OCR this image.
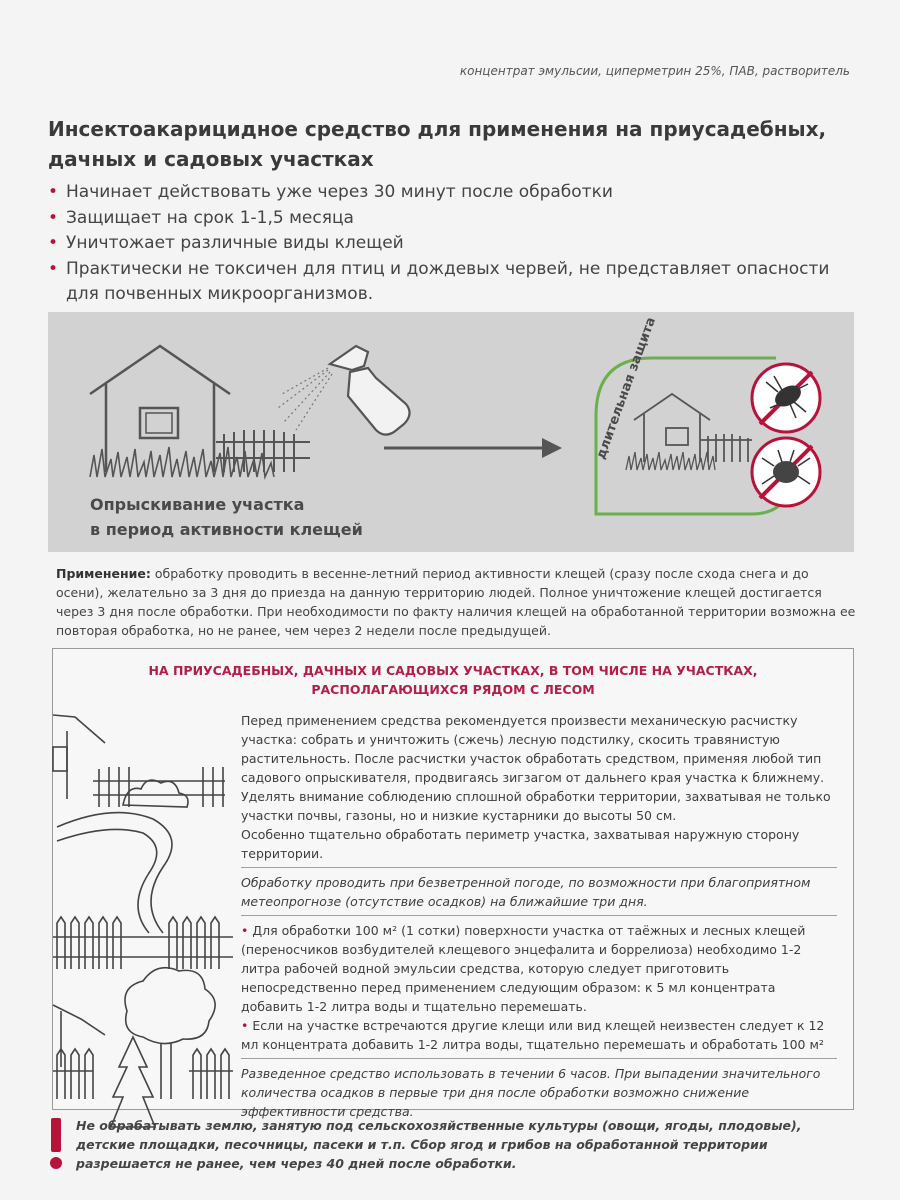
концентрат эмульсии, циперметрин 25%, ПАВ, растворитель
Инсектоакарицидное средство для применения на приусадебных, дачных и садовых участках
• Начинает действовать уже через 30 минут после обработки
• Защищает на срок 1-1,5 месяца
• Уничтожает различные виды клещей
• Практически не токсичен для птиц и дождевых червей, не представляет опасности для почвенных микроорганизмов.
длительная защита
Опрыскивание участка
в период активности клещей
Применение: обработку проводить в весенне-летний период активности клещей (сразу после схода снега и до осени), желательно за 3 дня до приезда на данную территорию людей. Полное уничтожение клещей достигается через 3 дня после обработки. При необходимости по факту наличия клещей на обработанной территории возможна ее повторая обработка, но не ранее, чем через 2 недели после предыдущей.
НА ПРИУСАДЕБНЫХ, ДАЧНЫХ И САДОВЫХ УЧАСТКАХ, В ТОМ ЧИСЛЕ НА УЧАСТКАХ,
РАСПОЛАГАЮЩИХСЯ РЯДОМ С ЛЕСОМ

Перед применением средства рекомендуется произвести механическую расчистку участка: собрать и уничтожить (сжечь) лесную подстилку, скосить травянистую растительность. После расчистки участок обработать средством, применяя любой тип садового опрыскивателя, продвигаясь зигзагом от дальнего края участка к ближнему. Уделять внимание соблюдению сплошной обработки территории, захватывая не только участки почвы, газоны, но и низкие кустарники до высоты 50 см.

Особенно тщательно обработать периметр участка, захватывая наружную сторону территории.

Обработку проводить при безветренной погоде, по возможности при благоприятном метеопрогнозе (отсутствие осадков) на ближайшие три дня.

• Для обработки 100 м² (1 сотки) поверхности участка от таёжных и лесных клещей (переносчиков возбудителей клещевого энцефалита и боррелиоза) необходимо 1-2 литра рабочей водной эмульсии средства, которую следует приготовить непосредственно перед применением следующим образом: к 5 мл концентрата добавить 1-2 литра воды и тщательно перемешать.

• Если на участке встречаются другие клещи или вид клещей неизвестен следует к 12 мл концентрата добавить 1-2 литра воды, тщательно перемешать и обработать 100 м²

Разведенное средство использовать в течении 6 часов. При выпадении значительного количества осадков в первые три дня после обработки возможно снижение эффективности средства.

Не обрабатывать землю, занятую под сельскохозяйственные культуры (овощи, ягоды, плодовые), детские площадки, песочницы, пасеки и т.п. Сбор ягод и грибов на обработанной территории разрешается не ранее, чем через 40 дней после обработки.
